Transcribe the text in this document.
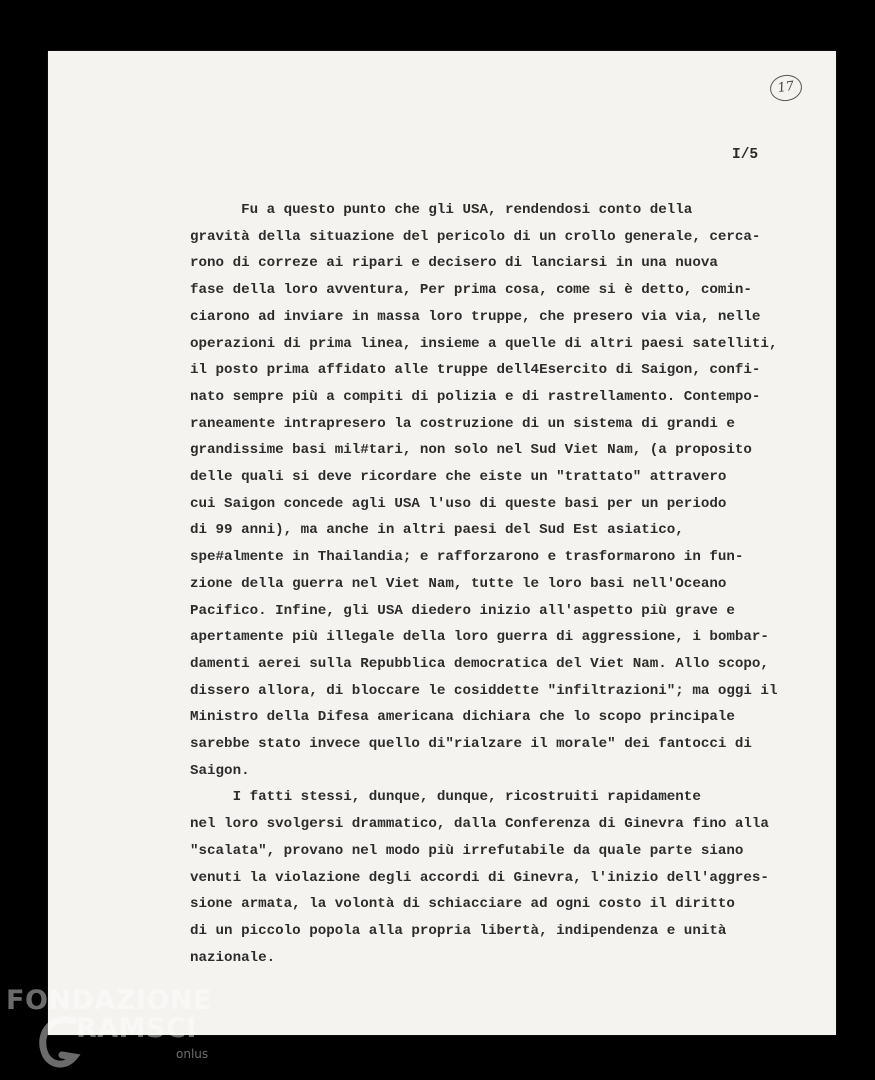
17
I/5
Fu a questo punto che gli USA, rendendosi conto della
gravità della situazione del pericolo di un crollo generale, cerca-
rono di correze ai ripari e decisero di lanciarsi in una nuova
fase della loro avventura, Per prima cosa, come si è detto, comin-
ciarono ad inviare in massa loro truppe, che presero via via, nelle
operazioni di prima linea, insieme a quelle di altri paesi satelliti,
il posto prima affidato alle truppe dell4Esercito di Saigon, confi-
nato sempre più a compiti di polizia e di rastrellamento. Contempo-
raneamente intrapresero la costruzione di un sistema di grandi e
grandissime basi mil#tari, non solo nel Sud Viet Nam, (a proposito
delle quali si deve ricordare che eiste un "trattato" attravero
cui Saigon concede agli USA l'uso di queste basi per un periodo
di 99 anni), ma anche in altri paesi del Sud Est asiatico,
spe#almente in Thailandia; e rafforzarono e trasformarono in fun-
zione della guerra nel Viet Nam, tutte le loro basi nell'Oceano
Pacifico. Infine, gli USA diedero inizio all'aspetto più grave e
apertamente più illegale della loro guerra di aggressione, i bombar-
damenti aerei sulla Repubblica democratica del Viet Nam. Allo scopo,
dissero allora, di bloccare le cosiddette "infiltrazioni"; ma oggi il
Ministro della Difesa americana dichiara che lo scopo principale
sarebbe stato invece quello di"rialzare il morale" dei fantocci di
Saigon.
I fatti stessi, dunque, dunque, ricostruiti rapidamente
nel loro svolgersi drammatico, dalla Conferenza di Ginevra fino alla
"scalata", provano nel modo più irrefutabile da quale parte siano
venuti la violazione degli accordi di Ginevra, l'inizio dell'aggres-
sione armata, la volontà di schiacciare ad ogni costo il diritto
di un piccolo popola alla propria libertà, indipendenza e unità
nazionale.
FONDAZIONE
RAMSCI
onlus
